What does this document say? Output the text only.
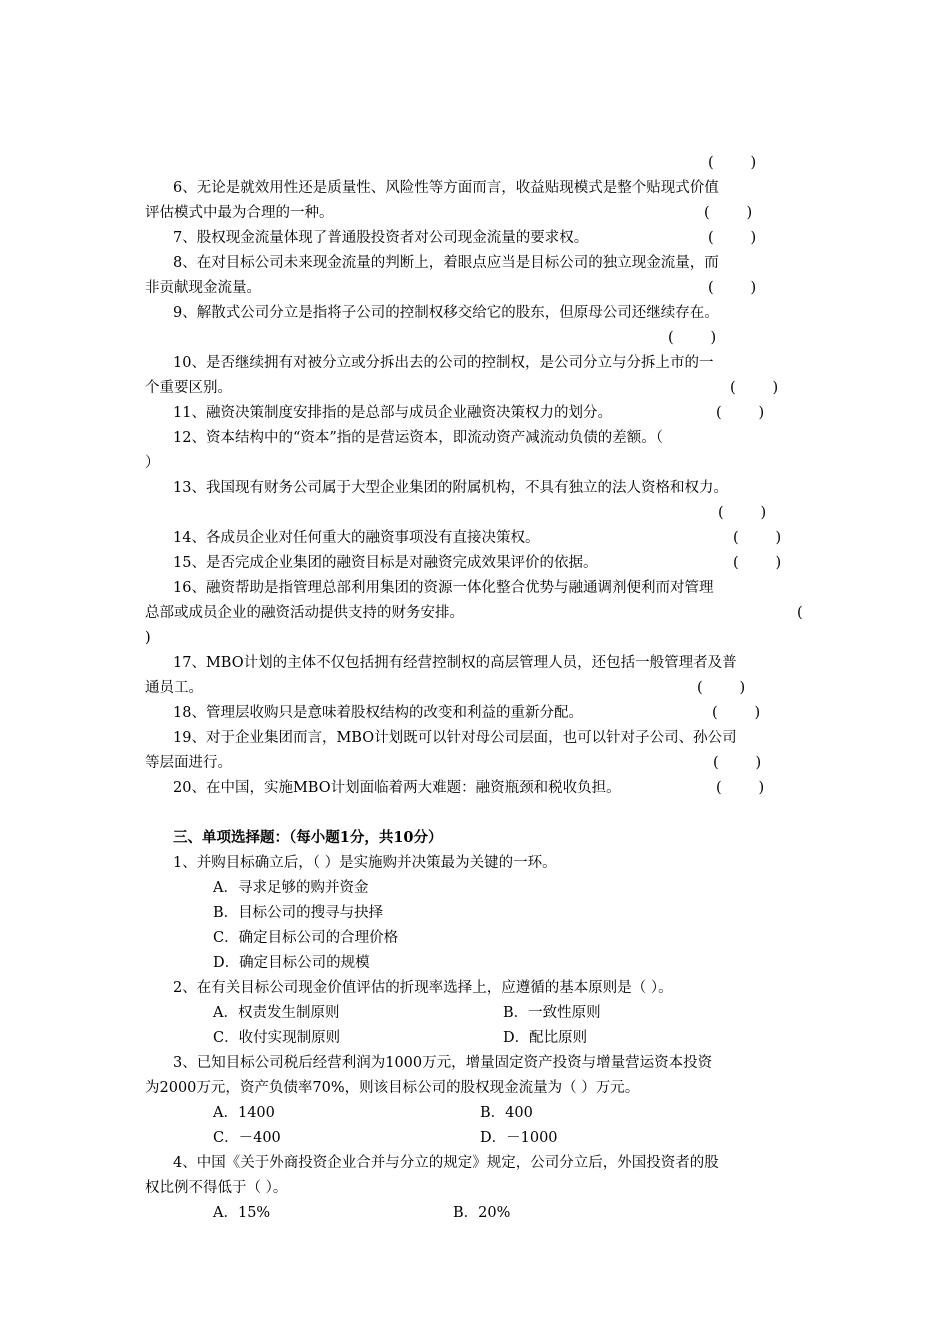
(        )
6、无论是就效用性还是质量性、风险性等方面而言，收益贴现模式是整个贴现式价值
评估模式中最为合理的一种。	(        )
7、股权现金流量体现了普通股投资者对公司现金流量的要求权。	(        )
8、在对目标公司未来现金流量的判断上，着眼点应当是目标公司的独立现金流量，而
非贡献现金流量。	(        )
9、解散式公司分立是指将子公司的控制权移交给它的股东，但原母公司还继续存在。
(        )
10、是否继续拥有对被分立或分拆出去的公司的控制权，是公司分立与分拆上市的一
个重要区别。	(        )
11、融资决策制度安排指的是总部与成员企业融资决策权力的划分。	(        )
12、资本结构中的“资本”指的是营运资本，即流动资产减流动负债的差额。（
）
13、我国现有财务公司属于大型企业集团的附属机构，不具有独立的法人资格和权力。
(        )
14、各成员企业对任何重大的融资事项没有直接决策权。	(        )
15、是否完成企业集团的融资目标是对融资完成效果评价的依据。	(        )
16、融资帮助是指管理总部利用集团的资源一体化整合优势与融通调剂便利而对管理
总部或成员企业的融资活动提供支持的财务安排。	(
)
17、MBO计划的主体不仅包括拥有经营控制权的高层管理人员，还包括一般管理者及普
通员工。	(        )
18、管理层收购只是意味着股权结构的改变和利益的重新分配。	(        )
19、对于企业集团而言，MBO计划既可以针对母公司层面，也可以针对子公司、孙公司
等层面进行。	(        )
20、在中国，实施MBO计划面临着两大难题：融资瓶颈和税收负担。	(        )
三、单项选择题：（每小题1分，共10分）
1、并购目标确立后，（ ）是实施购并决策最为关键的一环。
A．寻求足够的购并资金
B．目标公司的搜寻与抉择
C．确定目标公司的合理价格
D．确定目标公司的规模
2、在有关目标公司现金价值评估的折现率选择上，应遵循的基本原则是（ ）。
A．权责发生制原则	B．一致性原则
C．收付实现制原则	D．配比原则
3、已知目标公司税后经营利润为1000万元，增量固定资产投资与增量营运资本投资
为2000万元，资产负债率70%，则该目标公司的股权现金流量为（ ）万元。
A．1400	B．400
C．－400	D．－1000
4、中国《关于外商投资企业合并与分立的规定》规定，公司分立后，外国投资者的股
权比例不得低于（ ）。
A．15%	B．20%
